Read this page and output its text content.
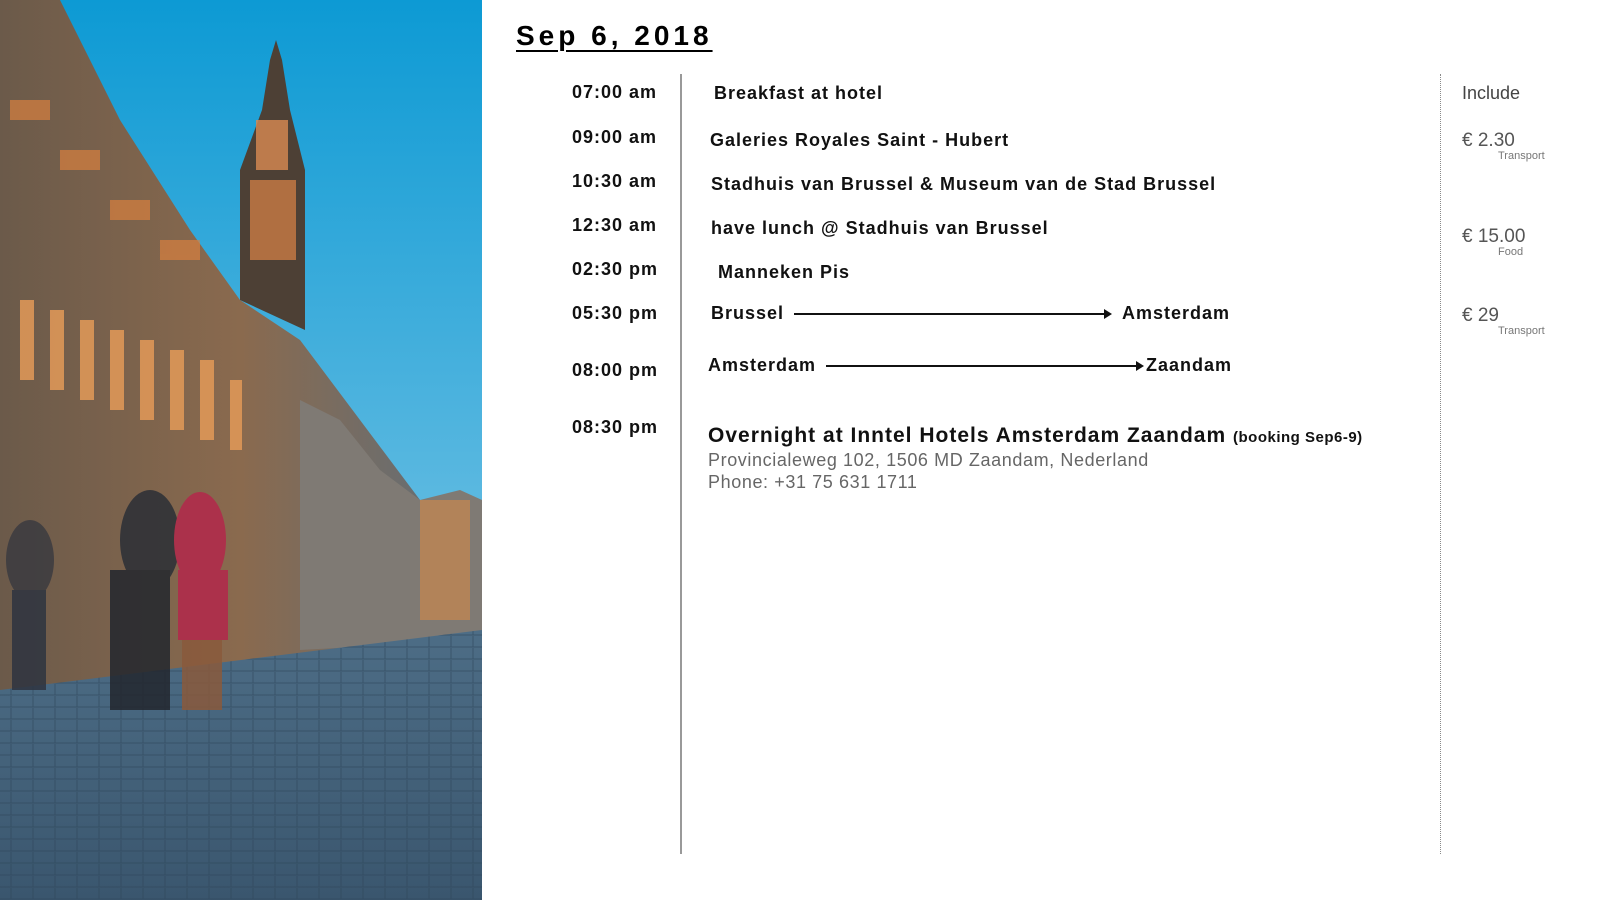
Sep 6, 2018
07:00 am
09:00 am
10:30 am
12:30 am
02:30 pm
05:30 pm
08:00 pm
08:30 pm
Breakfast at hotel
Galeries Royales Saint - Hubert
Stadhuis van Brussel & Museum van de Stad Brussel
have lunch @ Stadhuis van Brussel
Manneken Pis
Brussel	Amsterdam
Amsterdam	Zaandam
Overnight at Inntel Hotels Amsterdam Zaandam (booking Sep6-9)
Provincialeweg 102, 1506 MD Zaandam, Nederland
Phone: +31 75 631 1711
Include
€ 2.30
Transport
€ 15.00
Food
€ 29
Transport
